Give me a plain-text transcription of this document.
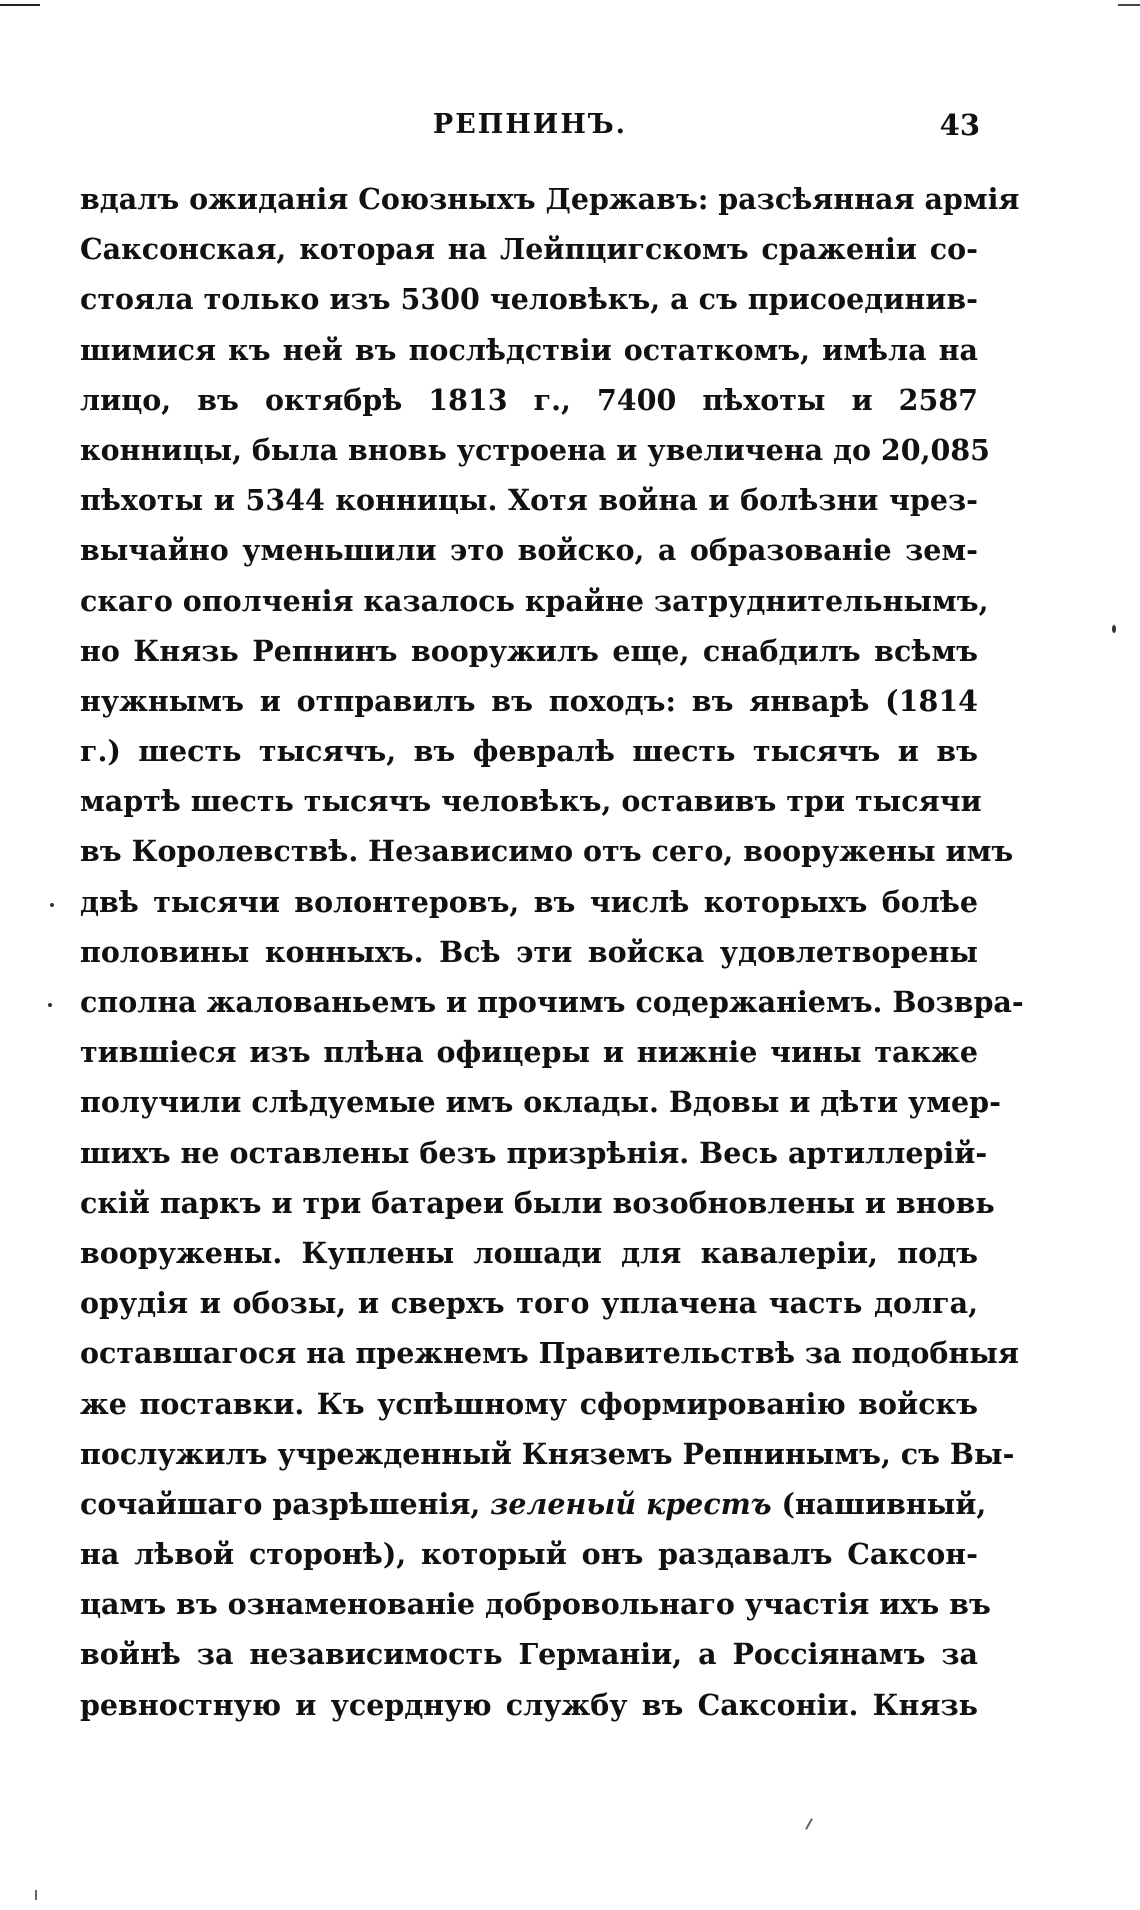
РЕПНИНЪ.	43
вдалъ ожиданія Союзныхъ Державъ: разсѣянная армія
Саксонская, которая на Лейпцигскомъ сраженіи со-
стояла только изъ 5300 человѣкъ, а съ присоединив-
шимися къ ней въ послѣдствіи остаткомъ, имѣла на
лицо, въ октябрѣ 1813 г., 7400 пѣхоты и 2587
конницы, была вновь устроена и увеличена до 20,085
пѣхоты и 5344 конницы. Хотя война и болѣзни чрез-
вычайно уменьшили это войско, а образованіе зем-
скаго ополченія казалось крайне затруднительнымъ,
но Князь Репнинъ вооружилъ еще, снабдилъ всѣмъ
нужнымъ и отправилъ въ походъ: въ январѣ (1814
г.) шесть тысячъ, въ февралѣ шесть тысячъ и въ
мартѣ шесть тысячъ человѣкъ, оставивъ три тысячи
въ Королевствѣ. Независимо отъ сего, вооружены имъ
двѣ тысячи волонтеровъ, въ числѣ которыхъ болѣе
половины конныхъ. Всѣ эти войска удовлетворены
сполна жалованьемъ и прочимъ содержаніемъ. Возвра-
тившіеся изъ плѣна офицеры и нижніе чины также
получили слѣдуемые имъ оклады. Вдовы и дѣти умер-
шихъ не оставлены безъ призрѣнія. Весь артиллерій-
скій паркъ и три батареи были возобновлены и вновь
вооружены. Куплены лошади для кавалеріи, подъ
орудія и обозы, и сверхъ того уплачена часть долга,
оставшагося на прежнемъ Правительствѣ за подобныя
же поставки. Къ успѣшному сформированію войскъ
послужилъ учрежденный Княземъ Репнинымъ, съ Вы-
сочайшаго разрѣшенія, зеленый крестъ (нашивный,
на лѣвой сторонѣ), который онъ раздавалъ Саксон-
цамъ въ ознаменованіе добровольнаго участія ихъ въ
войнѣ за независимость Германіи, а Россіянамъ за
ревностную и усердную службу въ Саксоніи. Князь
